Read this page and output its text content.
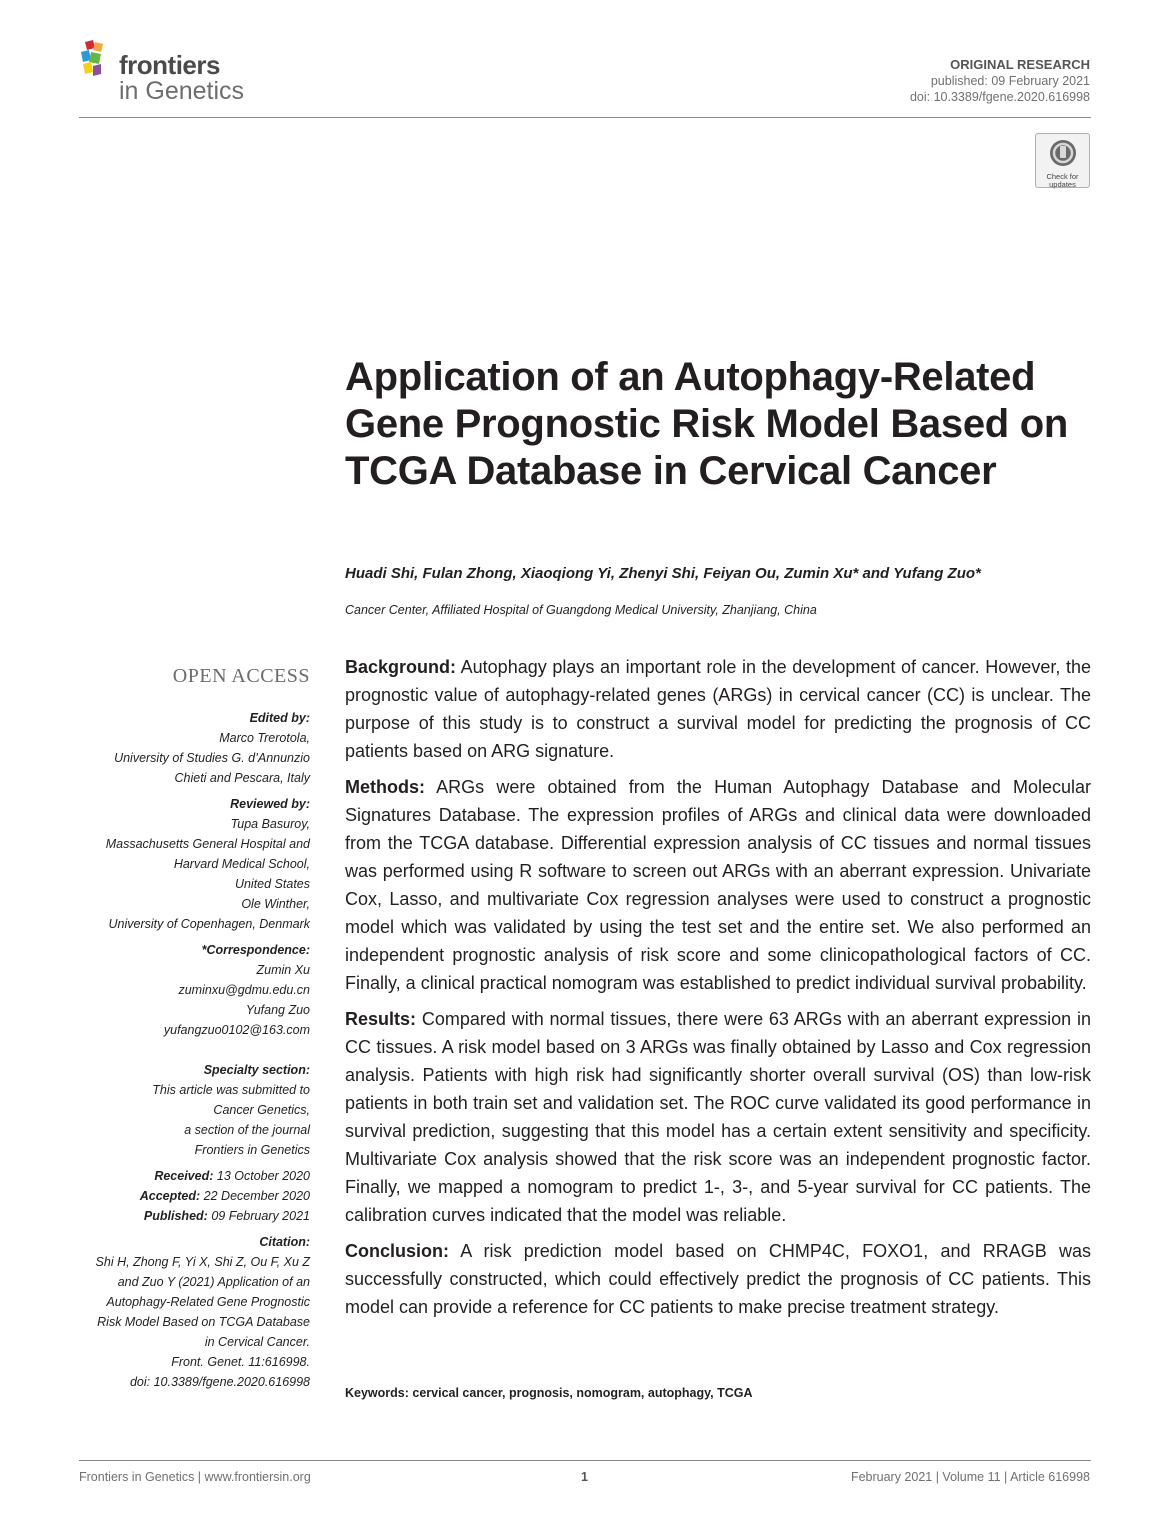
frontiers
in Genetics
ORIGINAL RESEARCH
published: 09 February 2021
doi: 10.3389/fgene.2020.616998
Check for
updates
Application of an Autophagy-Related Gene Prognostic Risk Model Based on TCGA Database in Cervical Cancer
Huadi Shi, Fulan Zhong, Xiaoqiong Yi, Zhenyi Shi, Feiyan Ou, Zumin Xu* and Yufang Zuo*
Cancer Center, Affiliated Hospital of Guangdong Medical University, Zhanjiang, China
OPEN ACCESS
Edited by:
Marco Trerotola,
University of Studies G. d’Annunzio
Chieti and Pescara, Italy
Reviewed by:
Tupa Basuroy,
Massachusetts General Hospital and
Harvard Medical School,
United States
Ole Winther,
University of Copenhagen, Denmark
*Correspondence:
Zumin Xu
zuminxu@gdmu.edu.cn
Yufang Zuo
yufangzuo0102@163.com
Specialty section:
This article was submitted to
Cancer Genetics,
a section of the journal
Frontiers in Genetics
Received: 13 October 2020
Accepted: 22 December 2020
Published: 09 February 2021
Citation:
Shi H, Zhong F, Yi X, Shi Z, Ou F, Xu Z
and Zuo Y (2021) Application of an
Autophagy-Related Gene Prognostic
Risk Model Based on TCGA Database
in Cervical Cancer.
Front. Genet. 11:616998.
doi: 10.3389/fgene.2020.616998

Background: Autophagy plays an important role in the development of cancer. However, the prognostic value of autophagy-related genes (ARGs) in cervical cancer (CC) is unclear. The purpose of this study is to construct a survival model for predicting the prognosis of CC patients based on ARG signature.

Methods: ARGs were obtained from the Human Autophagy Database and Molecular Signatures Database. The expression profiles of ARGs and clinical data were downloaded from the TCGA database. Differential expression analysis of CC tissues and normal tissues was performed using R software to screen out ARGs with an aberrant expression. Univariate Cox, Lasso, and multivariate Cox regression analyses were used to construct a prognostic model which was validated by using the test set and the entire set. We also performed an independent prognostic analysis of risk score and some clinicopathological factors of CC. Finally, a clinical practical nomogram was established to predict individual survival probability.

Results: Compared with normal tissues, there were 63 ARGs with an aberrant expression in CC tissues. A risk model based on 3 ARGs was finally obtained by Lasso and Cox regression analysis. Patients with high risk had significantly shorter overall survival (OS) than low-risk patients in both train set and validation set. The ROC curve validated its good performance in survival prediction, suggesting that this model has a certain extent sensitivity and specificity. Multivariate Cox analysis showed that the risk score was an independent prognostic factor. Finally, we mapped a nomogram to predict 1-, 3-, and 5-year survival for CC patients. The calibration curves indicated that the model was reliable.

Conclusion: A risk prediction model based on CHMP4C, FOXO1, and RRAGB was successfully constructed, which could effectively predict the prognosis of CC patients. This model can provide a reference for CC patients to make precise treatment strategy.

Keywords: cervical cancer, prognosis, nomogram, autophagy, TCGA
Frontiers in Genetics | www.frontiersin.org	1	February 2021 | Volume 11 | Article 616998
